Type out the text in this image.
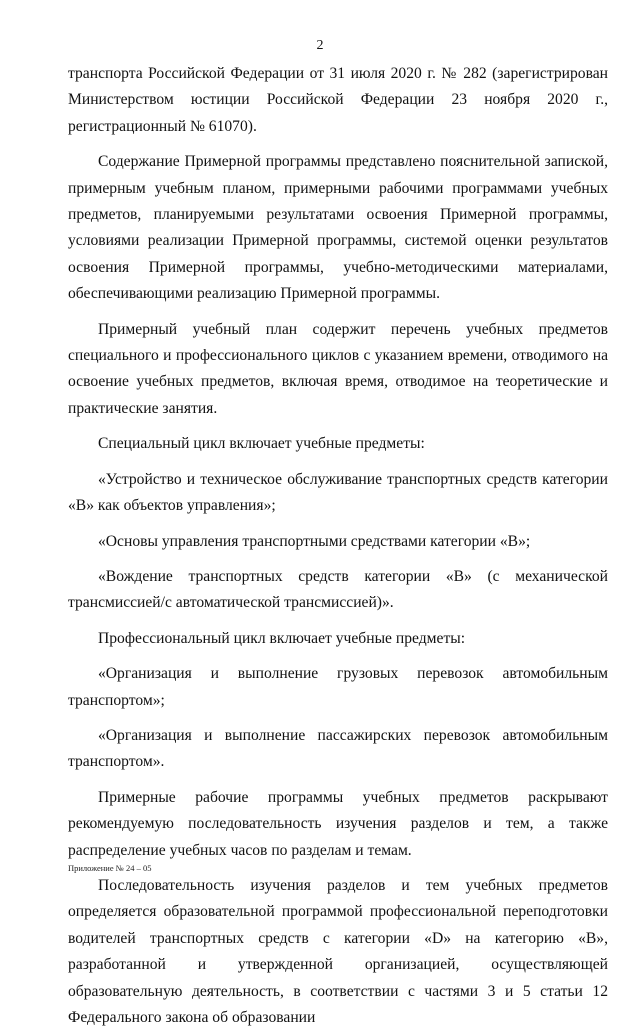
2

транспорта Российской Федерации от 31 июля 2020 г. № 282 (зарегистрирован Министерством юстиции Российской Федерации 23 ноября 2020 г., регистрационный № 61070).

Содержание Примерной программы представлено пояснительной запиской, примерным учебным планом, примерными рабочими программами учебных предметов, планируемыми результатами освоения Примерной программы, условиями реализации Примерной программы, системой оценки результатов освоения Примерной программы, учебно-методическими материалами, обеспечивающими реализацию Примерной программы.

Примерный учебный план содержит перечень учебных предметов специального и профессионального циклов с указанием времени, отводимого на освоение учебных предметов, включая время, отводимое на теоретические и практические занятия.

Специальный цикл включает учебные предметы:

«Устройство и техническое обслуживание транспортных средств категории «B» как объектов управления»;

«Основы управления транспортными средствами категории «B»;

«Вождение транспортных средств категории «B» (с механической трансмиссией/с автоматической трансмиссией)».

Профессиональный цикл включает учебные предметы:

«Организация и выполнение грузовых перевозок автомобильным транспортом»;

«Организация и выполнение пассажирских перевозок автомобильным транспортом».

Примерные рабочие программы учебных предметов раскрывают рекомендуемую последовательность изучения разделов и тем, а также распределение учебных часов по разделам и темам.

Последовательность изучения разделов и тем учебных предметов определяется образовательной программой профессиональной переподготовки водителей транспортных средств с категории «D» на категорию «B», разработанной и утвержденной организацией, осуществляющей образовательную деятельность, в соответствии с частями 3 и 5 статьи 12 Федерального закона об образовании

Приложение № 24 – 05
